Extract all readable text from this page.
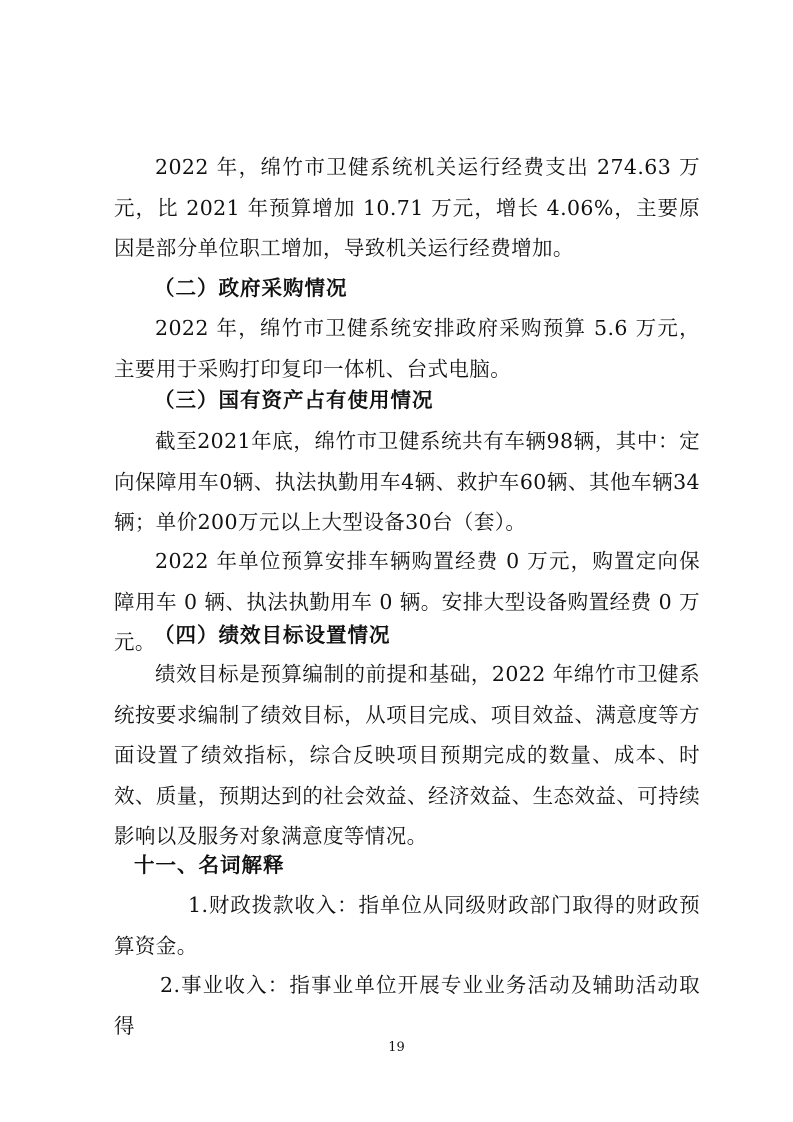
2022 年，绵竹市卫健系统机关运行经费支出 274.63 万元，比 2021 年预算增加 10.71 万元，增长 4.06%，主要原因是部分单位职工增加，导致机关运行经费增加。

（二）政府采购情况

2022 年，绵竹市卫健系统安排政府采购预算 5.6 万元，主要用于采购打印复印一体机、台式电脑。

（三）国有资产占有使用情况

截至2021年底，绵竹市卫健系统共有车辆98辆，其中：定向保障用车0辆、执法执勤用车4辆、救护车60辆、其他车辆34辆；单价200万元以上大型设备30台（套）。

2022 年单位预算安排车辆购置经费 0 万元，购置定向保障用车 0 辆、执法执勤用车 0 辆。安排大型设备购置经费 0 万元。

（四）绩效目标设置情况

绩效目标是预算编制的前提和基础，2022 年绵竹市卫健系统按要求编制了绩效目标，从项目完成、项目效益、满意度等方面设置了绩效指标，综合反映项目预期完成的数量、成本、时效、质量，预期达到的社会效益、经济效益、生态效益、可持续影响以及服务对象满意度等情况。

十一、名词解释

1.财政拨款收入：指单位从同级财政部门取得的财政预算资金。

2.事业收入：指事业单位开展专业业务活动及辅助活动取得

19
